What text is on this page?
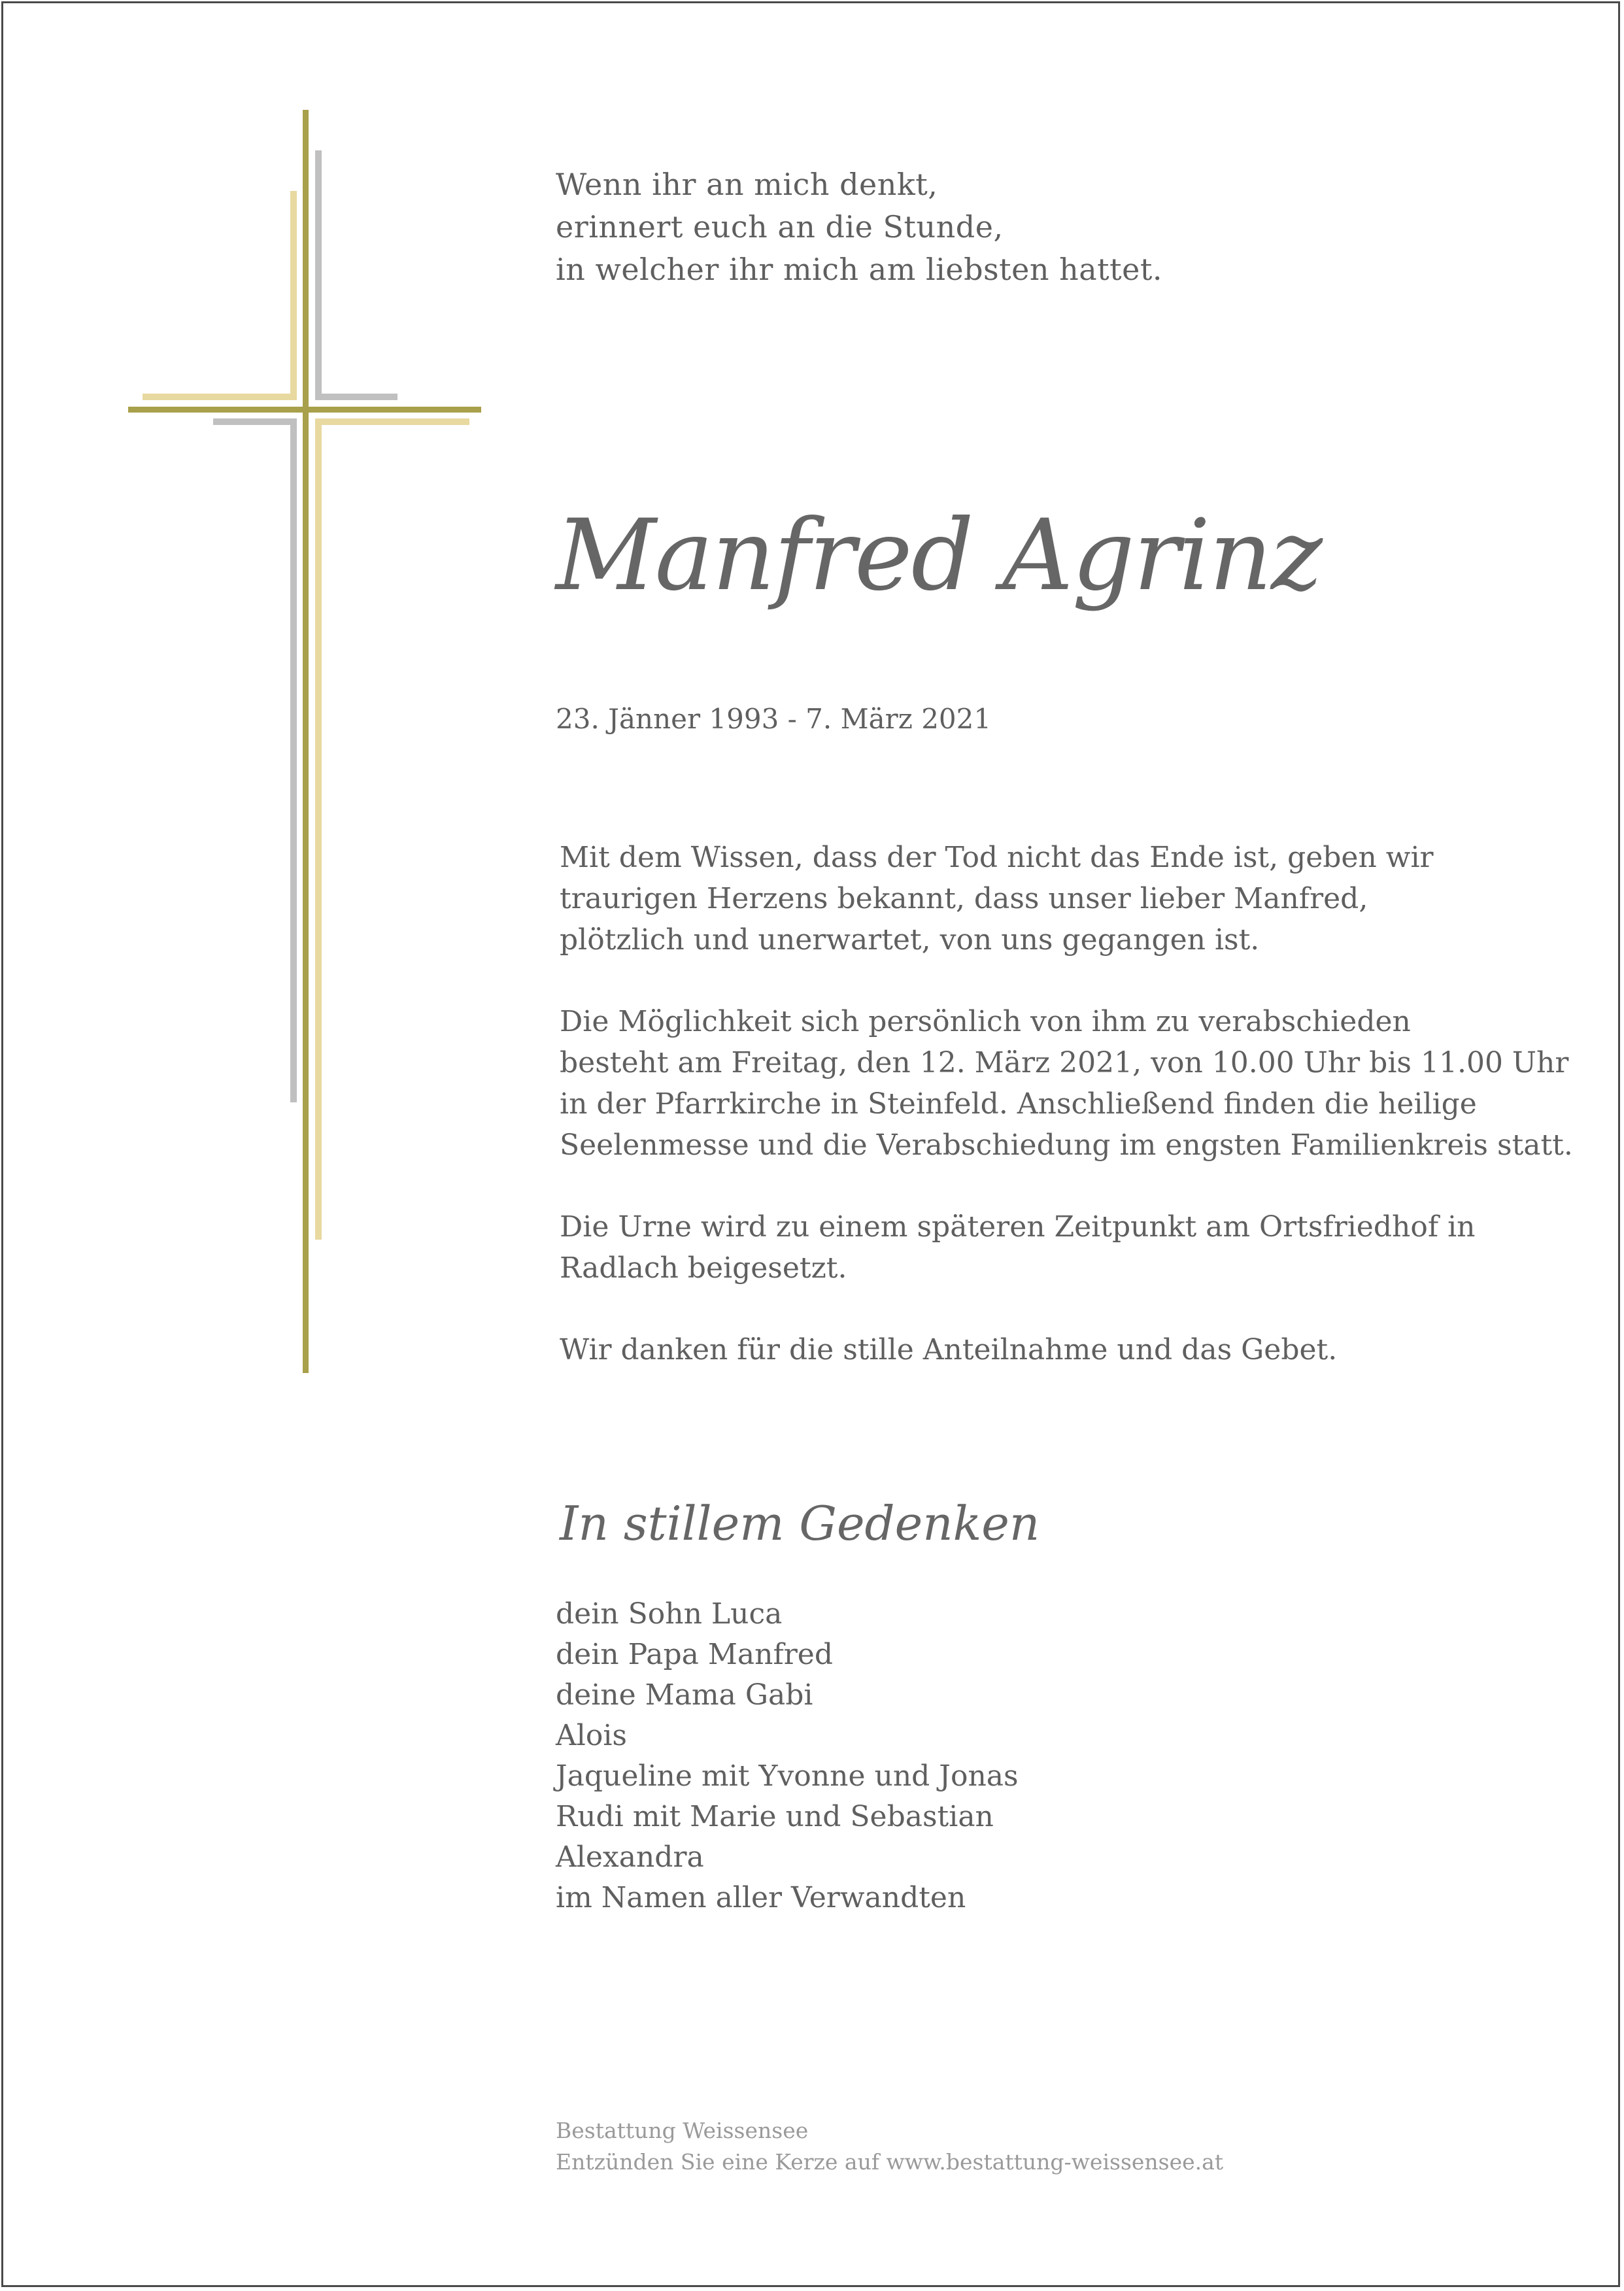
Wenn ihr an mich denkt,
erinnert euch an die Stunde,
in welcher ihr mich am liebsten hattet.
Manfred Agrinz
23. Jänner 1993 - 7. März 2021
Mit dem Wissen, dass der Tod nicht das Ende ist, geben wir
traurigen Herzens bekannt, dass unser lieber Manfred,
plötzlich und unerwartet, von uns gegangen ist.
Die Möglichkeit sich persönlich von ihm zu verabschieden
besteht am Freitag, den 12. März 2021, von 10.00 Uhr bis 11.00 Uhr
in der Pfarrkirche in Steinfeld. Anschließend finden die heilige
Seelenmesse und die Verabschiedung im engsten Familienkreis statt.
Die Urne wird zu einem späteren Zeitpunkt am Ortsfriedhof in
Radlach beigesetzt.
Wir danken für die stille Anteilnahme und das Gebet.
In stillem Gedenken
dein Sohn Luca
dein Papa Manfred
deine Mama Gabi
Alois
Jaqueline mit Yvonne und Jonas
Rudi mit Marie und Sebastian
Alexandra
im Namen aller Verwandten
Bestattung Weissensee
Entzünden Sie eine Kerze auf www.bestattung-weissensee.at
